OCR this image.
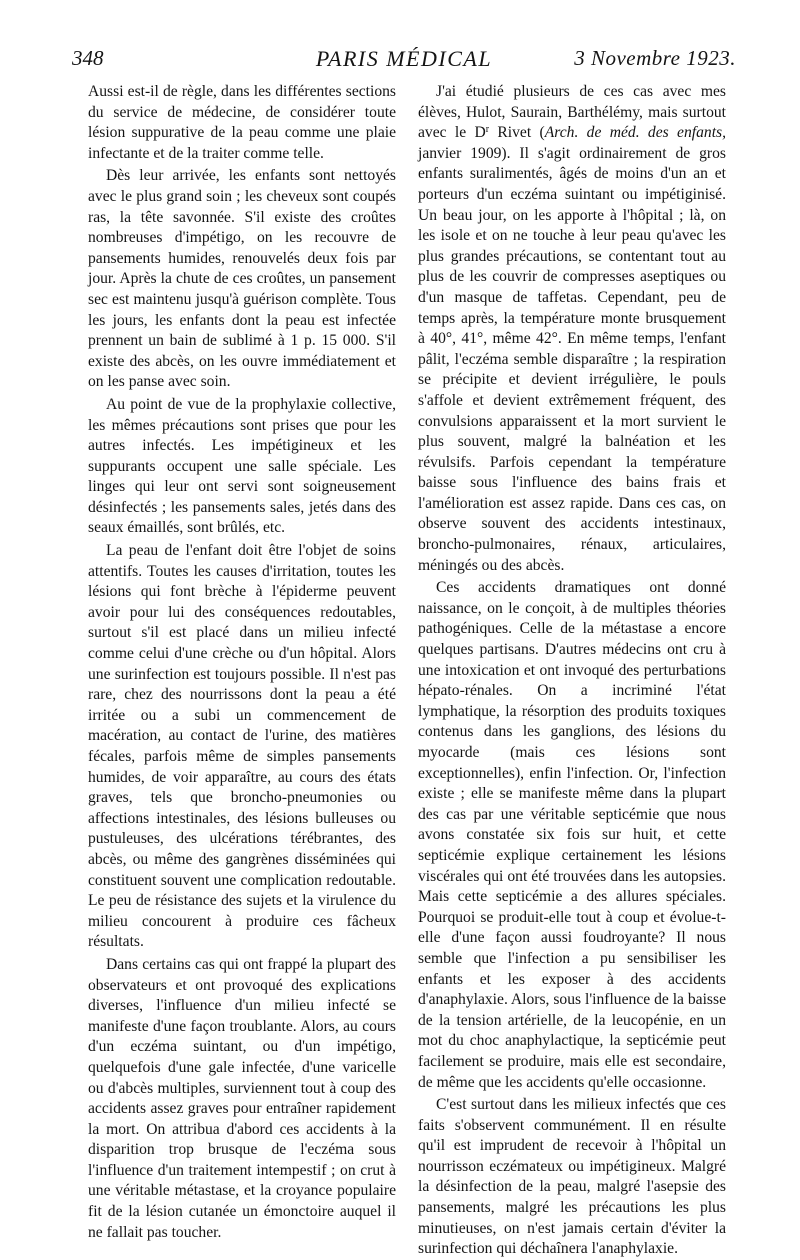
348	PARIS MÉDICAL	3 Novembre 1923.

Aussi est-il de règle, dans les différentes sections du service de médecine, de considérer toute lésion suppurative de la peau comme une plaie infectante et de la traiter comme telle.

Dès leur arrivée, les enfants sont nettoyés avec le plus grand soin ; les cheveux sont coupés ras, la tête savonnée. S'il existe des croûtes nombreuses d'impétigo, on les recouvre de pansements humides, renouvelés deux fois par jour. Après la chute de ces croûtes, un pansement sec est maintenu jusqu'à guérison complète. Tous les jours, les enfants dont la peau est infectée prennent un bain de sublimé à 1 p. 15 000. S'il existe des abcès, on les ouvre immédiatement et on les panse avec soin.

Au point de vue de la prophylaxie collective, les mêmes précautions sont prises que pour les autres infectés. Les impétigineux et les suppurants occupent une salle spéciale. Les linges qui leur ont servi sont soigneusement désinfectés ; les pansements sales, jetés dans des seaux émaillés, sont brûlés, etc.

La peau de l'enfant doit être l'objet de soins attentifs. Toutes les causes d'irritation, toutes les lésions qui font brèche à l'épiderme peuvent avoir pour lui des conséquences redoutables, surtout s'il est placé dans un milieu infecté comme celui d'une crèche ou d'un hôpital. Alors une surinfection est toujours possible. Il n'est pas rare, chez des nourrissons dont la peau a été irritée ou a subi un commencement de macération, au contact de l'urine, des matières fécales, parfois même de simples pansements humides, de voir apparaître, au cours des états graves, tels que broncho-pneumonies ou affections intestinales, des lésions bulleuses ou pustuleuses, des ulcérations térébrantes, des abcès, ou même des gangrènes disséminées qui constituent souvent une complication redoutable. Le peu de résistance des sujets et la virulence du milieu concourent à produire ces fâcheux résultats.

Dans certains cas qui ont frappé la plupart des observateurs et ont provoqué des explications diverses, l'influence d'un milieu infecté se manifeste d'une façon troublante. Alors, au cours d'un eczéma suintant, ou d'un impétigo, quelquefois d'une gale infectée, d'une varicelle ou d'abcès multiples, surviennent tout à coup des accidents assez graves pour entraîner rapidement la mort. On attribua d'abord ces accidents à la disparition trop brusque de l'eczéma sous l'influence d'un traitement intempestif ; on crut à une véritable métastase, et la croyance populaire fit de la lésion cutanée un émonctoire auquel il ne fallait pas toucher.

J'ai étudié plusieurs de ces cas avec mes élèves, Hulot, Saurain, Barthélémy, mais surtout avec le $D^r$ Rivet (Arch. de méd. des enfants, janvier 1909). Il s'agit ordinairement de gros enfants suralimentés, âgés de moins d'un an et porteurs d'un eczéma suintant ou impétiginisé. Un beau jour, on les apporte à l'hôpital ; là, on les isole et on ne touche à leur peau qu'avec les plus grandes précautions, se contentant tout au plus de les couvrir de compresses aseptiques ou d'un masque de taffetas. Cependant, peu de temps après, la température monte brusquement à 40°, 41°, même 42°. En même temps, l'enfant pâlit, l'eczéma semble disparaître ; la respiration se précipite et devient irrégulière, le pouls s'affole et devient extrêmement fréquent, des convulsions apparaissent et la mort survient le plus souvent, malgré la balnéation et les révulsifs. Parfois cependant la température baisse sous l'influence des bains frais et l'amélioration est assez rapide. Dans ces cas, on observe souvent des accidents intestinaux, broncho-pulmonaires, rénaux, articulaires, méningés ou des abcès.

Ces accidents dramatiques ont donné naissance, on le conçoit, à de multiples théories pathogéniques. Celle de la métastase a encore quelques partisans. D'autres médecins ont cru à une intoxication et ont invoqué des perturbations hépato-rénales. On a incriminé l'état lymphatique, la résorption des produits toxiques contenus dans les ganglions, des lésions du myocarde (mais ces lésions sont exceptionnelles), enfin l'infection. Or, l'infection existe ; elle se manifeste même dans la plupart des cas par une véritable septicémie que nous avons constatée six fois sur huit, et cette septicémie explique certainement les lésions viscérales qui ont été trouvées dans les autopsies. Mais cette septicémie a des allures spéciales. Pourquoi se produit-elle tout à coup et évolue-t-elle d'une façon aussi foudroyante? Il nous semble que l'infection a pu sensibiliser les enfants et les exposer à des accidents d'anaphylaxie. Alors, sous l'influence de la baisse de la tension artérielle, de la leucopénie, en un mot du choc anaphylactique, la septicémie peut facilement se produire, mais elle est secondaire, de même que les accidents qu'elle occasionne.

C'est surtout dans les milieux infectés que ces faits s'observent communément. Il en résulte qu'il est imprudent de recevoir à l'hôpital un nourrisson eczémateux ou impétigineux. Malgré la désinfection de la peau, malgré l'asepsie des pansements, malgré les précautions les plus minutieuses, on n'est jamais certain d'éviter la surinfection qui déchaînera l'anaphylaxie.
